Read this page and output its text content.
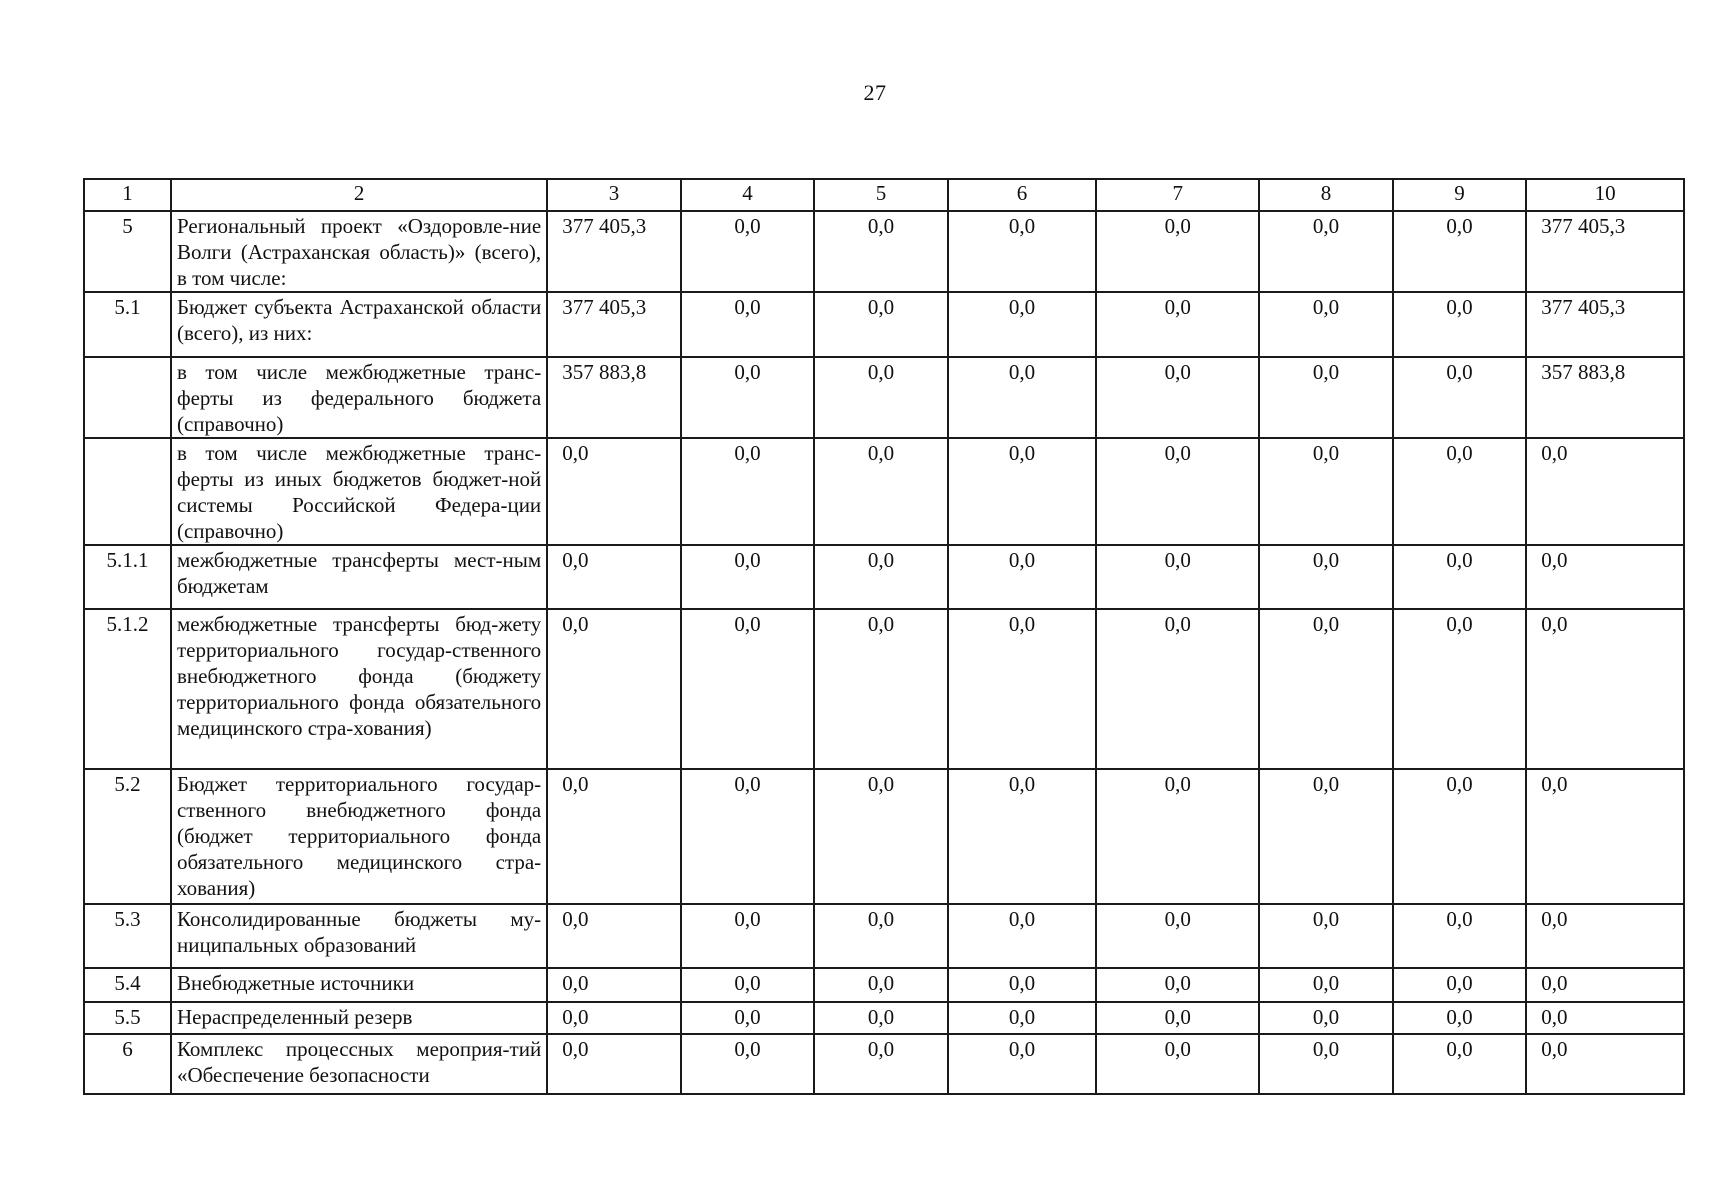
27
1	2	3	4	5	6	7	8	9	10
5	Региональный проект «Оздоровле-ние Волги (Астраханская область)» (всего), в том числе:	377 405,3	0,0	0,0	0,0	0,0	0,0	0,0	377 405,3
5.1	Бюджет субъекта Астраханской области (всего), из них:	377 405,3	0,0	0,0	0,0	0,0	0,0	0,0	377 405,3
	в том числе межбюджетные транс-ферты из федерального бюджета (справочно)	357 883,8	0,0	0,0	0,0	0,0	0,0	0,0	357 883,8
	в том числе межбюджетные транс-ферты из иных бюджетов бюджет-ной системы Российской Федера-ции (справочно)	0,0	0,0	0,0	0,0	0,0	0,0	0,0	0,0
5.1.1	межбюджетные трансферты мест-ным бюджетам	0,0	0,0	0,0	0,0	0,0	0,0	0,0	0,0
5.1.2	межбюджетные трансферты бюд-жету территориального государ-ственного внебюджетного фонда (бюджету территориального фонда обязательного медицинского стра-хования)	0,0	0,0	0,0	0,0	0,0	0,0	0,0	0,0
5.2	Бюджет территориального государ-ственного внебюджетного фонда (бюджет территориального фонда обязательного медицинского стра-хования)	0,0	0,0	0,0	0,0	0,0	0,0	0,0	0,0
5.3	Консолидированные бюджеты му-ниципальных образований	0,0	0,0	0,0	0,0	0,0	0,0	0,0	0,0
5.4	Внебюджетные источники	0,0	0,0	0,0	0,0	0,0	0,0	0,0	0,0
5.5	Нераспределенный резерв	0,0	0,0	0,0	0,0	0,0	0,0	0,0	0,0
6	Комплекс процессных мероприя-тий «Обеспечение безопасности	0,0	0,0	0,0	0,0	0,0	0,0	0,0	0,0
